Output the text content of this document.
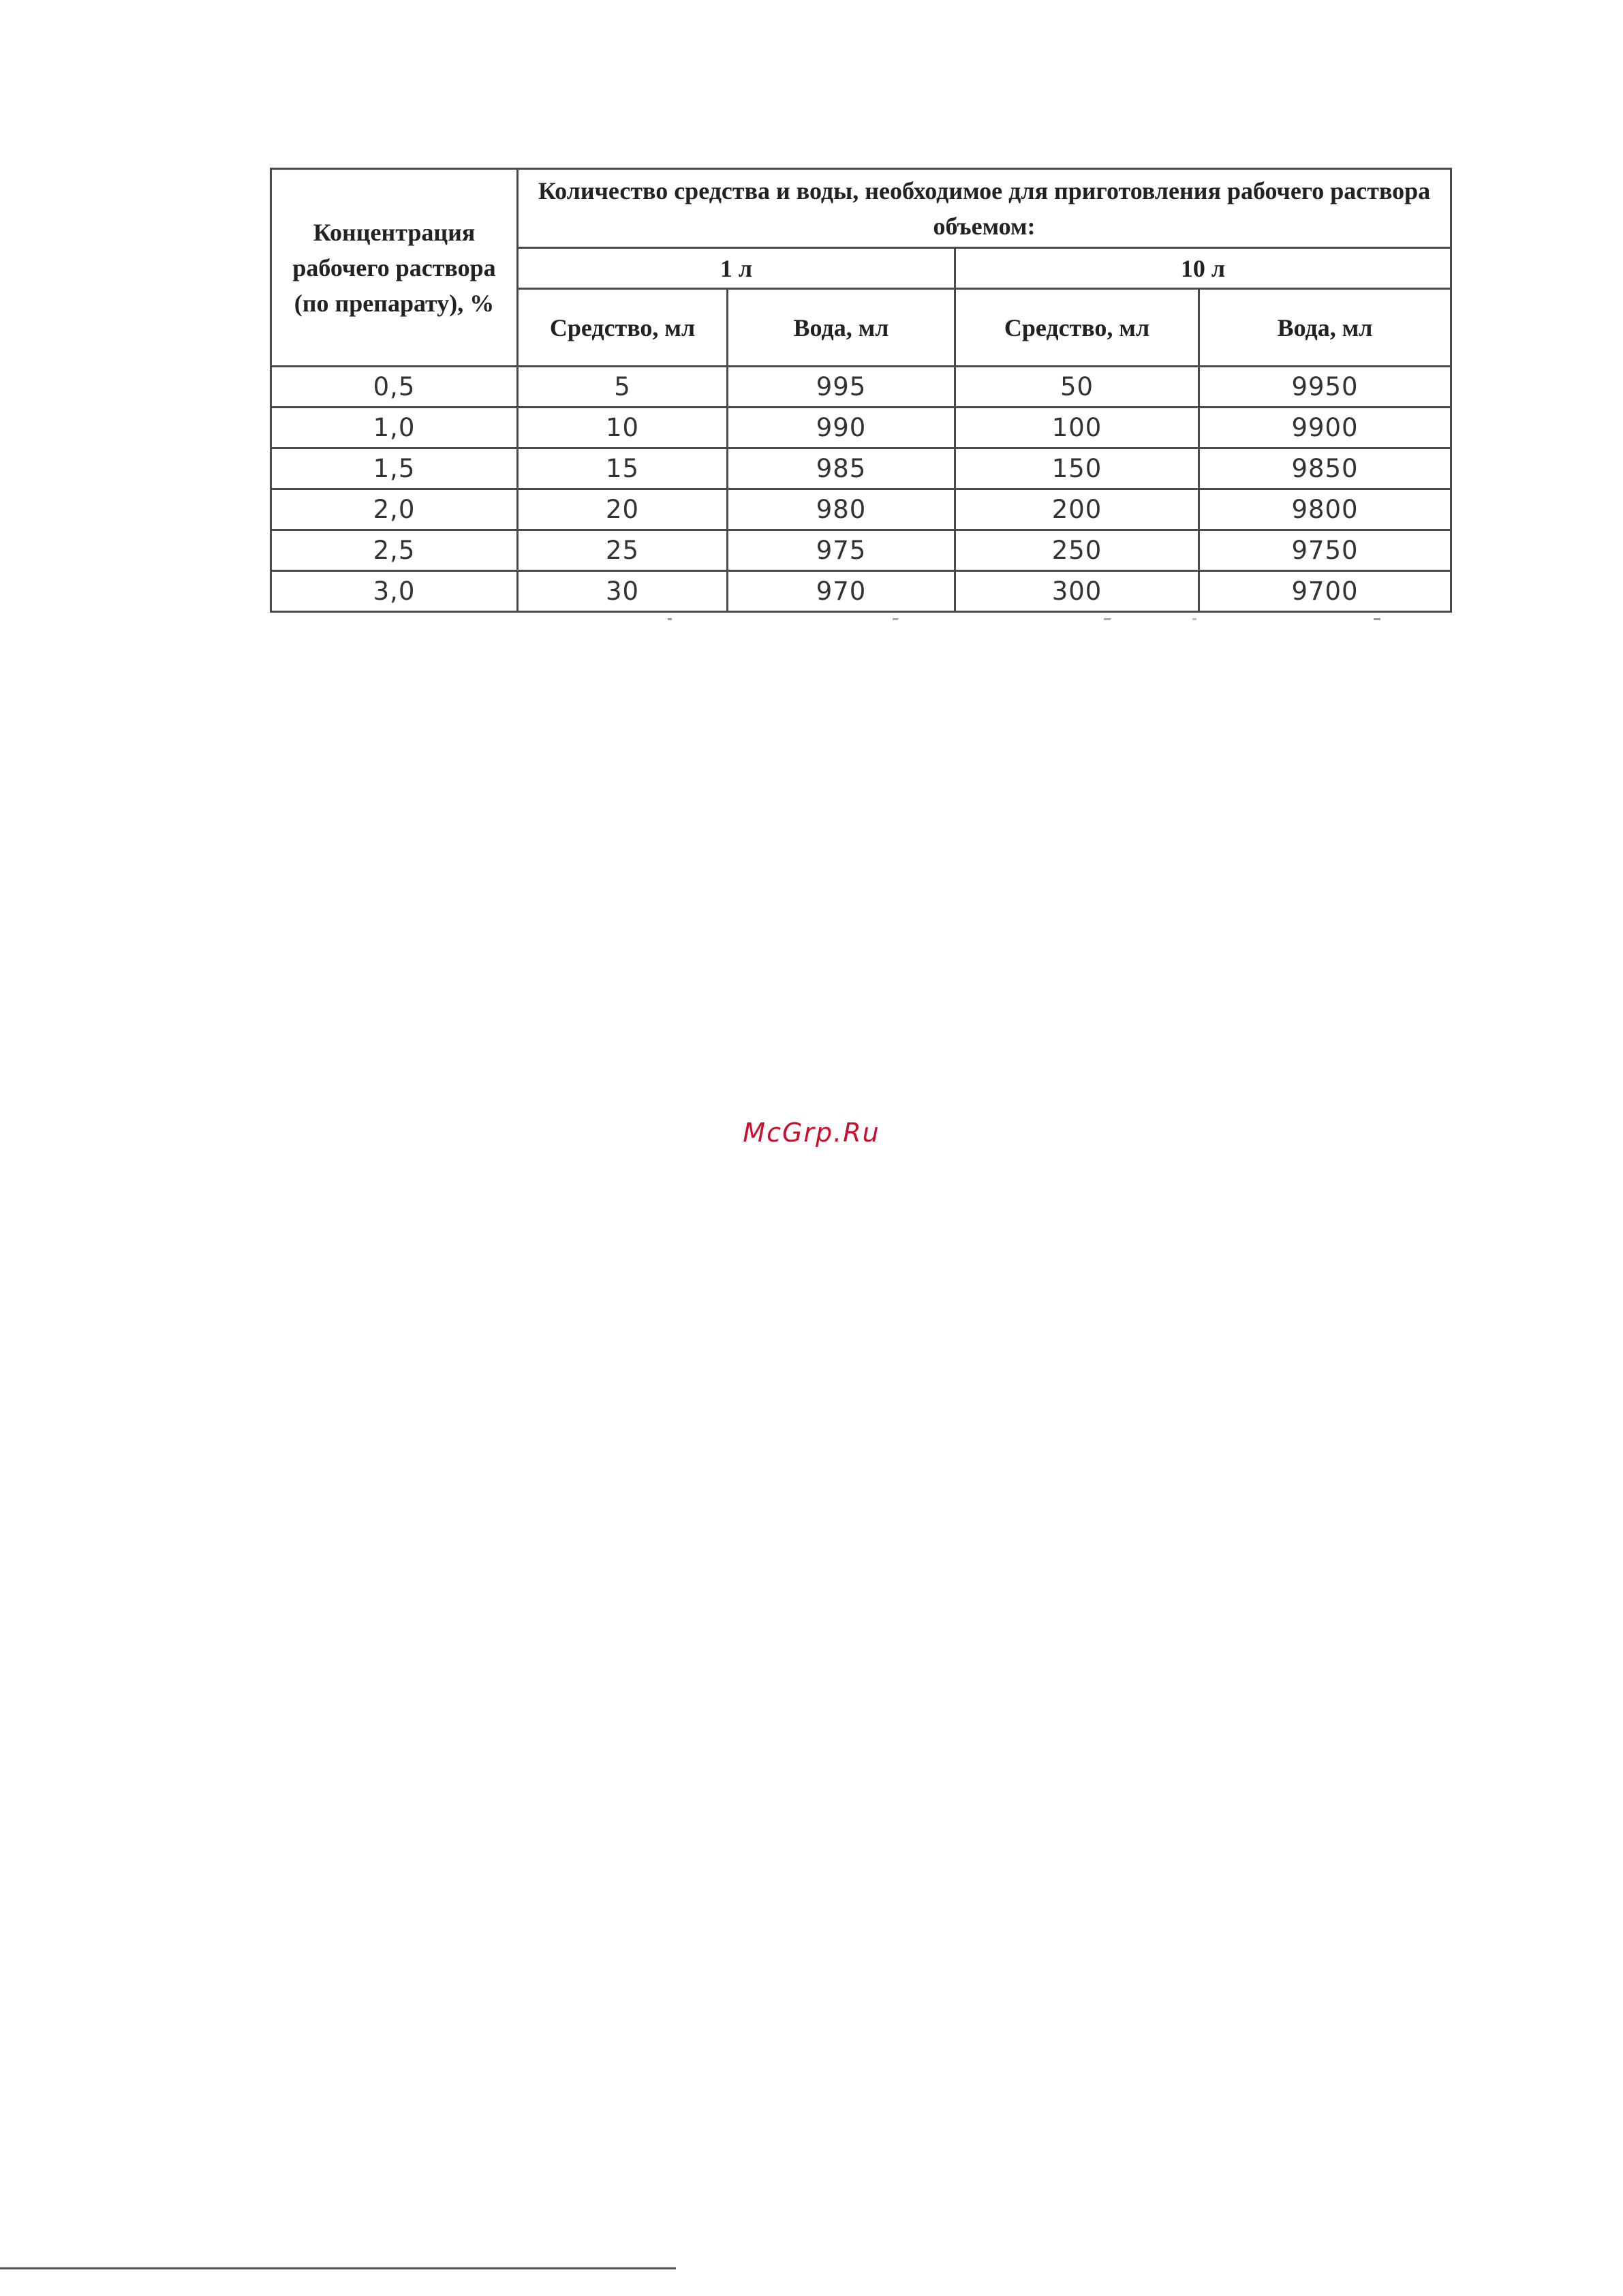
Концентрация рабочего раствора (по препарату), %	Количество средства и воды, необходимое для приготовления рабочего раствора объемом:			
	1 л		10 л	
	Средство, мл	Вода, мл	Средство, мл	Вода, мл
0,5	5	995	50	9950
1,0	10	990	100	9900
1,5	15	985	150	9850
2,0	20	980	200	9800
2,5	25	975	250	9750
3,0	30	970	300	9700
McGrp.Ru
